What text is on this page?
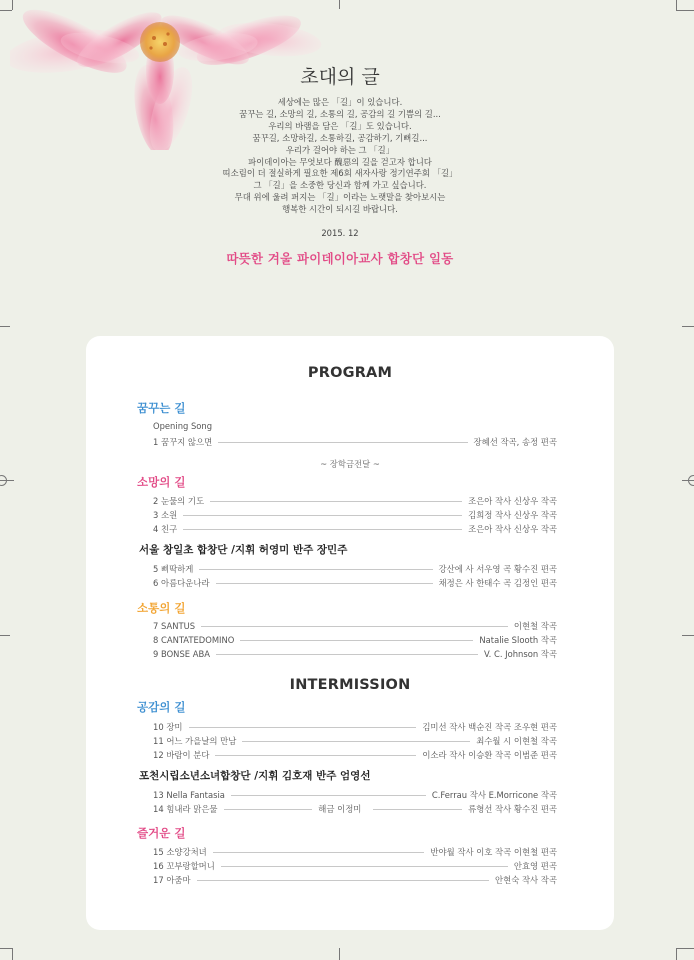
초대의 글
세상에는 많은 「길」이 있습니다.
꿈꾸는 길, 소망의 길, 소통의 길, 공감의 길 기쁨의 길...
우리의 바램을 담은 「길」도 있습니다.
꿈꾸길, 소망하길, 소통하길, 공감하기, 기뻐길...
우리가 걸어야 하는 그 「길」
파이데이아는 무엇보다 醜惡의 길을 걷고자 합니다
띠소림이 더 절실하게 필요한 제6회 새자사랑 정기연주회 「길」
그 「길」을 소중한 당신과 함께 가고 싶습니다.
무대 위에 울려 퍼지는 「길」이라는 노랫말을 찾아보시는
행복한 시간이 되시길 바랍니다.
2015. 12
따뜻한 겨울 파이데이아교사 합창단 일동
PROGRAM
꿈꾸는 길
Opening Song
1 꿈꾸지 않으면	장혜선 작곡, 송정 편곡
~ 장학금전달 ~
소망의 길
2 눈물의 기도	조은아 작사 신상우 작곡
3 소원	김희정 작사 신상우 작곡
4 친구	조은아 작사 신상우 작곡
서울 창일초 합창단 /지휘 허영미 반주 장민주
5 삐딱하게	강산에 사 서우영 곡 황수진 편곡
6 아름다운나라	채정은 사 한태수 곡 김정인 편곡
소통의 길
7 SANTUS	이현철 작곡
8 CANTATEDOMINO	Natalie Slooth 작곡
9 BONSE ABA	V. C. Johnson 작곡
INTERMISSION
공감의 길
10 장미	김미선 작사 백순진 작곡 조우현 편곡
11 어느 가을날의 만남	최수월 시 이현철 작곡
12 바람이 분다	이소라 작사 이승환 작곡 이범준 편곡
포천시립소년소녀합창단 /지휘 김호재 반주 엄영선
13 Nella Fantasia	C.Ferrau 작사 E.Morricone 작곡
14 힘내라 맑은물	해금 이정미	류형선 작사 황수진 편곡
즐거운 길
15 소양강처녀	반야월 작사 이호 작곡 이현철 편곡
16 꼬부랑할머니	안효영 편곡
17 아줌마	안현숙 작사 작곡
